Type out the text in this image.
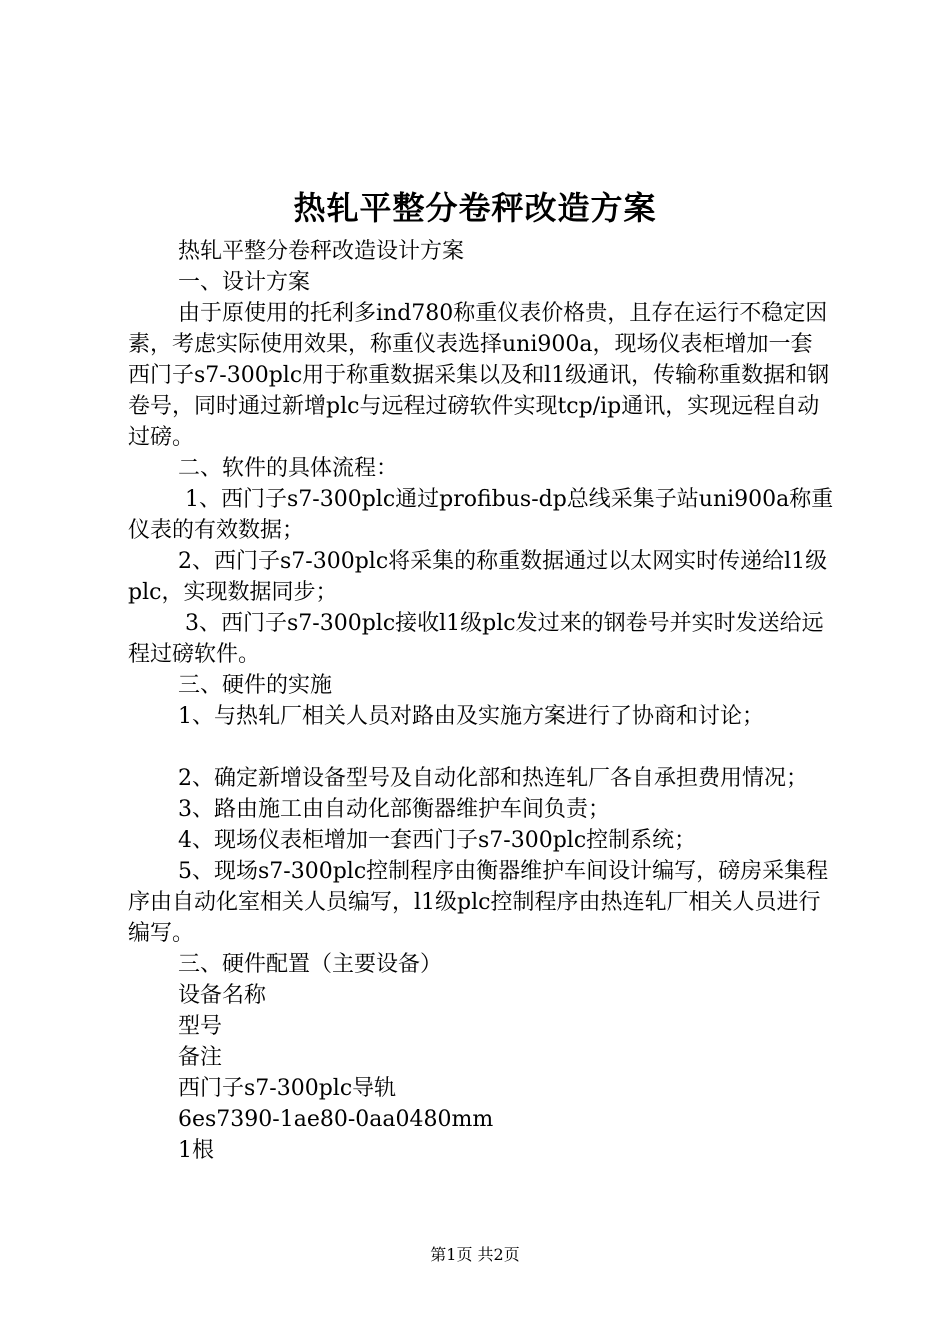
热轧平整分卷秤改造方案

热轧平整分卷秤改造设计方案

一、设计方案

由于原使用的托利多ind780称重仪表价格贵，且存在运行不稳定因素，考虑实际使用效果，称重仪表选择uni900a，现场仪表柜增加一套西门子s7-300plc用于称重数据采集以及和l1级通讯，传输称重数据和钢卷号，同时通过新增plc与远程过磅软件实现tcp/ip通讯，实现远程自动过磅。

二、软件的具体流程：

1、西门子s7-300plc通过profibus-dp总线采集子站uni900a称重仪表的有效数据；

2、西门子s7-300plc将采集的称重数据通过以太网实时传递给l1级plc，实现数据同步；

3、西门子s7-300plc接收l1级plc发过来的钢卷号并实时发送给远程过磅软件。

三、硬件的实施

1、与热轧厂相关人员对路由及实施方案进行了协商和讨论；

2、确定新增设备型号及自动化部和热连轧厂各自承担费用情况；

3、路由施工由自动化部衡器维护车间负责；

4、现场仪表柜增加一套西门子s7-300plc控制系统；

5、现场s7-300plc控制程序由衡器维护车间设计编写，磅房采集程序由自动化室相关人员编写，l1级plc控制程序由热连轧厂相关人员进行编写。

三、硬件配置（主要设备）

设备名称

型号

备注

西门子s7-300plc导轨

6es7390-1ae80-0aa0480mm

1根

第1页 共2页
